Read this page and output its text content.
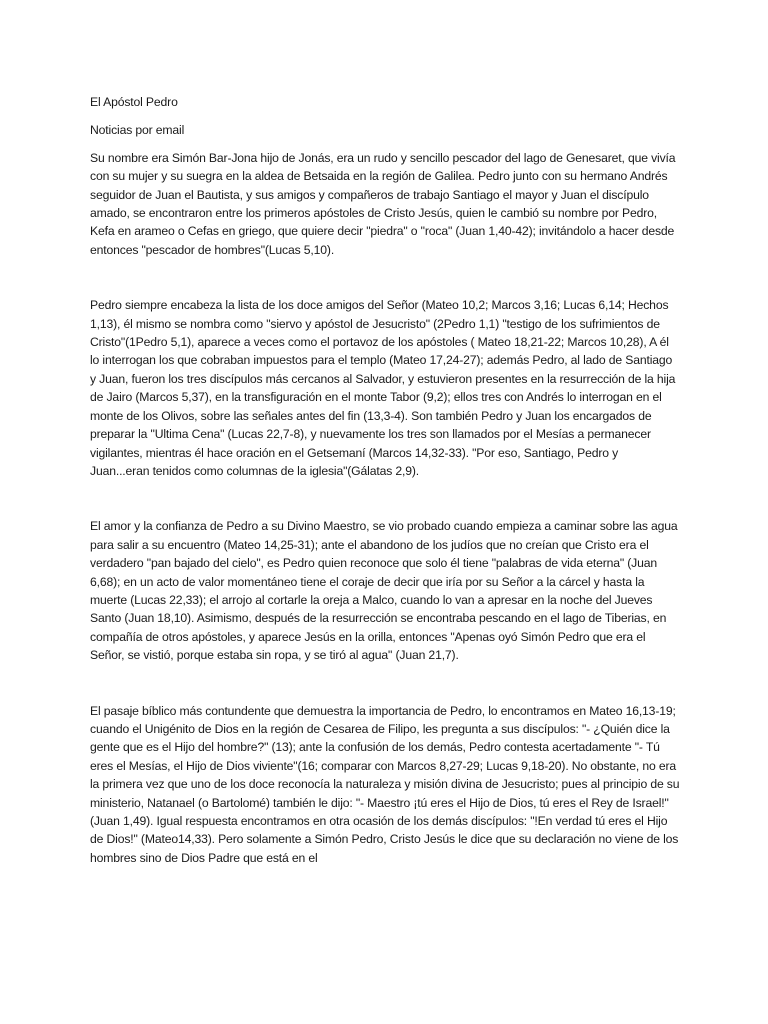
El Apóstol Pedro

Noticias por email

Su nombre era Simón Bar-Jona hijo de Jonás, era un rudo y sencillo pescador del lago de Genesaret, que vivía con su mujer y su suegra en la aldea de Betsaida en la región de Galilea. Pedro junto con su hermano Andrés seguidor de Juan el Bautista, y sus amigos y compañeros de trabajo Santiago el mayor y Juan el discípulo amado, se encontraron entre los primeros apóstoles de Cristo Jesús, quien le cambió su nombre por Pedro, Kefa en arameo o Cefas en griego, que quiere decir "piedra" o "roca" (Juan 1,40-42); invitándolo a hacer desde entonces "pescador de hombres"(Lucas 5,10).

Pedro siempre encabeza la lista de los doce amigos del Señor (Mateo 10,2; Marcos 3,16; Lucas 6,14; Hechos 1,13), él mismo se nombra como "siervo y apóstol de Jesucristo" (2Pedro 1,1) "testigo de los sufrimientos de Cristo"(1Pedro 5,1), aparece a veces como el portavoz de los apóstoles ( Mateo 18,21-22; Marcos 10,28), A él lo interrogan los que cobraban impuestos para el templo (Mateo 17,24-27); además Pedro, al lado de Santiago y Juan, fueron los tres discípulos más cercanos al Salvador, y estuvieron presentes en la resurrección de la hija de Jairo (Marcos 5,37), en la transfiguración en el monte Tabor (9,2); ellos tres con Andrés lo interrogan en el monte de los Olivos, sobre las señales antes del fin (13,3-4). Son también Pedro y Juan los encargados de preparar la "Ultima Cena" (Lucas 22,7-8), y nuevamente los tres son llamados por el Mesías a permanecer vigilantes, mientras él hace oración en el Getsemaní (Marcos 14,32-33). "Por eso, Santiago, Pedro y Juan...eran tenidos como columnas de la iglesia"(Gálatas 2,9).

El amor y la confianza de Pedro a su Divino Maestro, se vio probado cuando empieza a caminar sobre las agua para salir a su encuentro (Mateo 14,25-31); ante el abandono de los judíos que no creían que Cristo era el verdadero "pan bajado del cielo", es Pedro quien reconoce que solo él tiene "palabras de vida eterna" (Juan 6,68); en un acto de valor momentáneo tiene el coraje de decir que iría por su Señor a la cárcel y hasta la muerte (Lucas 22,33); el arrojo al cortarle la oreja a Malco, cuando lo van a apresar en la noche del Jueves Santo (Juan 18,10). Asimismo, después de la resurrección se encontraba pescando en el lago de Tiberias, en compañía de otros apóstoles, y aparece Jesús en la orilla, entonces "Apenas oyó Simón Pedro que era el Señor, se vistió, porque estaba sin ropa, y se tiró al agua" (Juan 21,7).

El pasaje bíblico más contundente que demuestra la importancia de Pedro, lo encontramos en Mateo 16,13-19; cuando el Unigénito de Dios en la región de Cesarea de Filipo, les pregunta a sus discípulos: "- ¿Quién dice la gente que es el Hijo del hombre?" (13); ante la confusión de los demás, Pedro contesta acertadamente "- Tú eres el Mesías, el Hijo de Dios viviente"(16; comparar con Marcos 8,27-29; Lucas 9,18-20). No obstante, no era la primera vez que uno de los doce reconocía la naturaleza y misión divina de Jesucristo; pues al principio de su ministerio, Natanael (o Bartolomé) también le dijo: "- Maestro ¡tú eres el Hijo de Dios, tú eres el Rey de Israel!" (Juan 1,49). Igual respuesta encontramos en otra ocasión de los demás discípulos: "!En verdad tú eres el Hijo de Dios!" (Mateo14,33). Pero solamente a Simón Pedro, Cristo Jesús le dice que su declaración no viene de los hombres sino de Dios Padre que está en el
